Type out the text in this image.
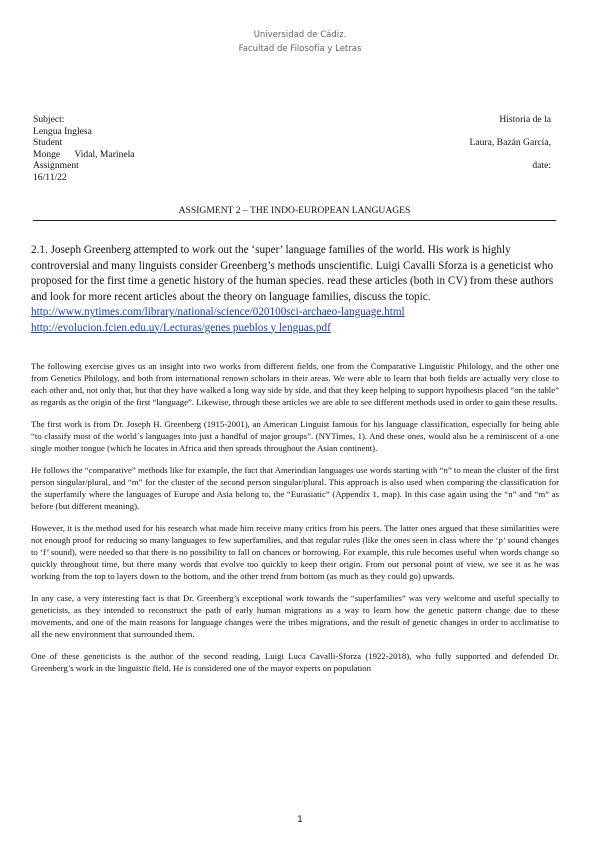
Universidad de Cádiz.
Facultad de Filosofía y Letras
Subject:	Historia de la
Lengua Inglesa
Student	Laura, Bazán García,
Monge      Vidal, Marinela
Assignment	date:
16/11/22
ASSIGMENT 2 – THE INDO-EUROPEAN LANGUAGES
2.1. Joseph Greenberg attempted to work out the ‘super’ language families of the world. His work is highly controversial and many linguists consider Greenberg’s methods unscientific. Luigi Cavalli Sforza is a geneticist who proposed for the first time a genetic history of the human species. read these articles (both in CV) from these authors and look for more recent articles about the theory on language families, discuss the topic.
http://www.nytimes.com/library/national/science/020100sci-archaeo-language.html
http://evolucion.fcien.edu.uy/Lecturas/genes pueblos y lenguas.pdf

The following exercise gives us an insight into two works from different fields, one from the Comparative Linguistic Philology, and the other one from Genetics Philology, and both from international renown scholars in their areas. We were able to learn that both fields are actually very close to each other and, not only that, but that they have walked a long way side by side, and that they keep helping to support hypothesis placed “on the table” as regards as the origin of the first “language”. Likewise, through these articles we are able to see different methods used in order to gain these results.

The first work is from Dr. Joseph H. Greenberg (1915-2001), an American Linguist famous for his language classification, especially for being able “to classify most of the world´s languages into just a handful of major groups”. (NYTimes, 1). And these ones, would also be a reminiscent of a one single mother tongue (which he locates in Africa and then spreads throughout the Asian continent).

He follows the “comparative” methods like for example, the fact that Amerindian languages use words starting with “n” to mean the cluster of the first person singular/plural, and “m” for the cluster of the second person singular/plural. This approach is also used when comparing the classification for the superfamily where the languages of Europe and Asia belong to, the “Eurasiatic” (Appendix 1, map). In this case again using the “n” and “m” as before (but different meaning).

However, it is the method used for his research what made him receive many critics from his peers. The latter ones argued that these similarities were not enough proof for reducing so many languages to few superfamilies, and that regular rules (like the ones seen in class where the ‘p’ sound changes to ‘f’ sound), were needed so that there is no possibility to fall on chances or borrowing. For example, this rule becomes useful when words change so quickly throughout time, but there many words that evolve too quickly to keep their origin. From our personal point of view, we see it as he was working from the top to layers down to the bottom, and the other trend from bottom (as much as they could go) upwards.

In any case, a very interesting fact is that Dr. Greenberg’s exceptional work towards the “superfamilies” was very welcome and useful specially to geneticists, as they intended to reconstruct the path of early human migrations as a way to learn how the genetic pattern change due to these movements, and one of the main reasons for language changes were the tribes migrations, and the result of genetic changes in order to acclimatise to all the new environment that surrounded them.

One of these geneticists is the author of the second reading, Luigi Luca Cavalli-Sforza (1922-2018), who fully supported and defended Dr. Greenberg’s work in the linguistic field. He is considered one of the mayor experts on population

1
